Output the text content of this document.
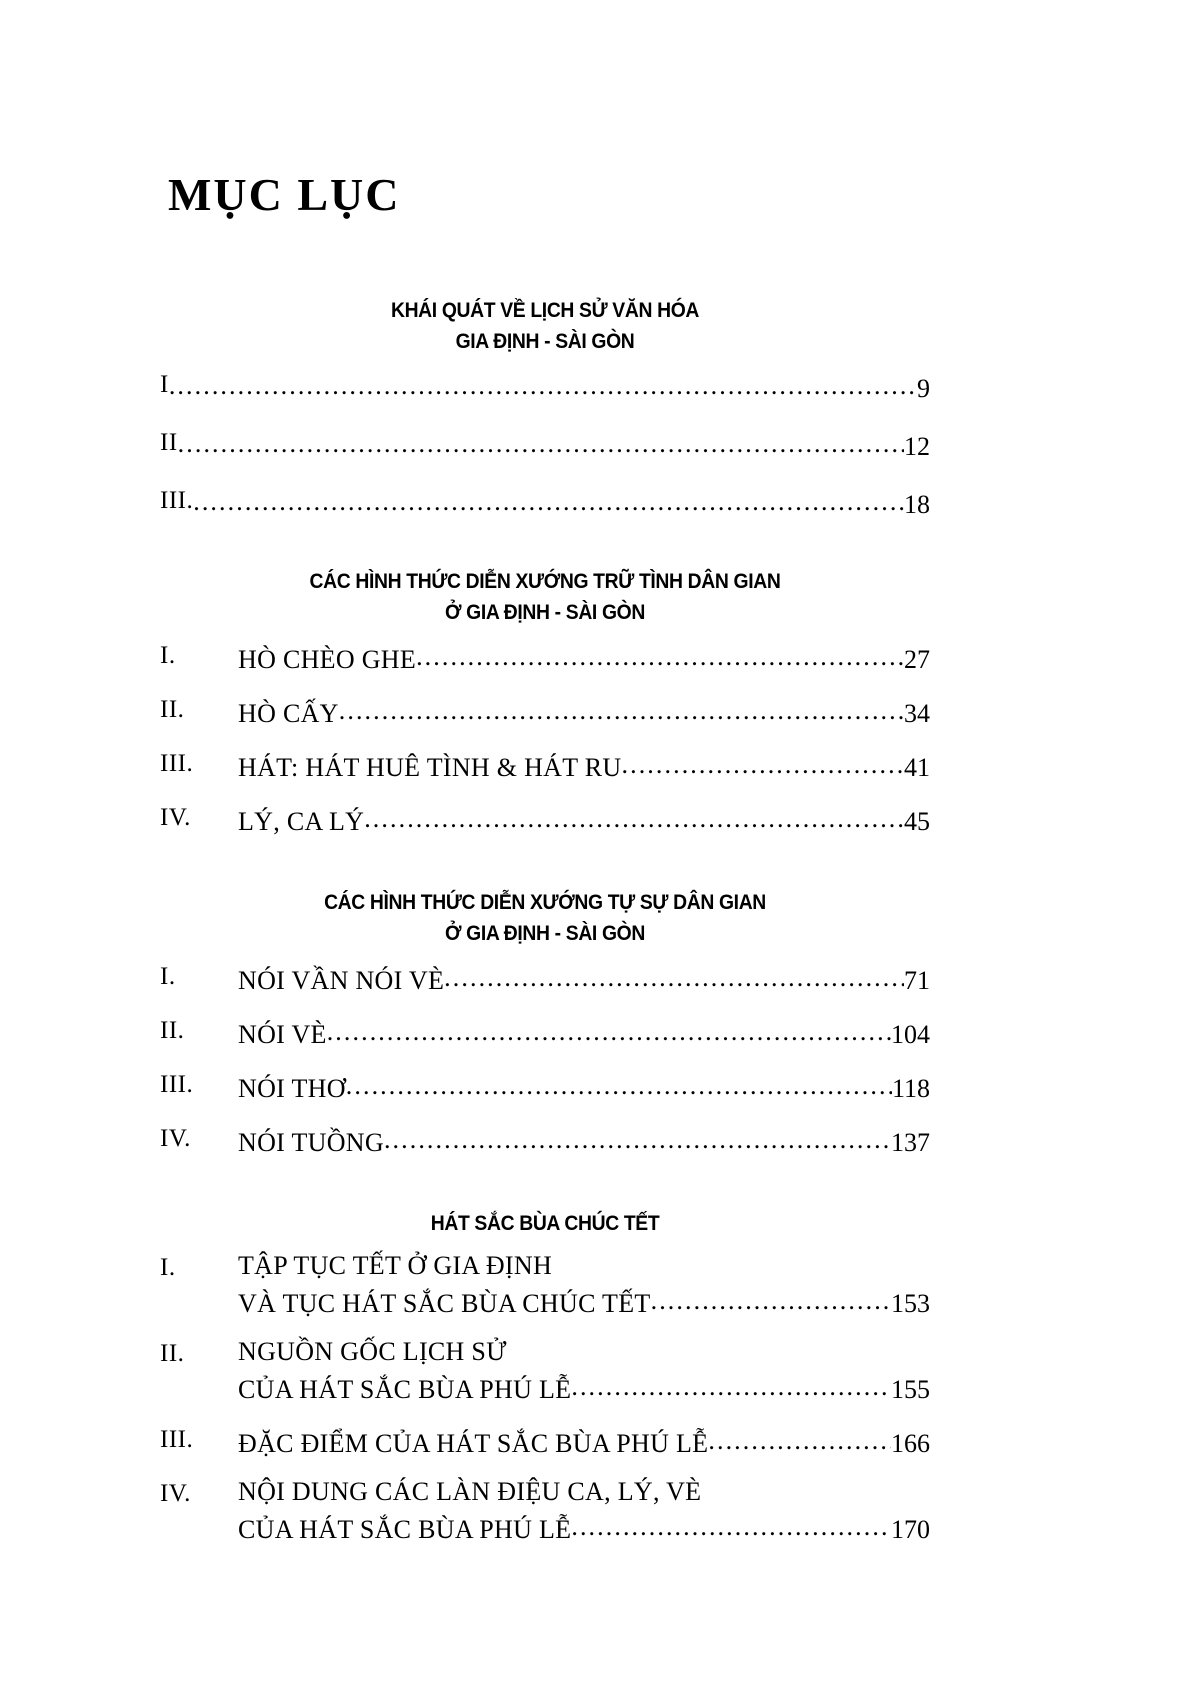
MỤC LỤC
KHÁI QUÁT VỀ LỊCH SỬ VĂN HÓA
GIA ĐỊNH - SÀI GÒN
I .....	9
II .....	12
III. .....	18
CÁC HÌNH THỨC DIỄN XƯỚNG TRỮ TÌNH DÂN GIAN
Ở GIA ĐỊNH - SÀI GÒN
I.	HÒ CHÈO GHE .....	27
II.	HÒ CẤY .....	34
III.	HÁT: HÁT HUÊ TÌNH & HÁT RU .....	41
IV.	LÝ, CA LÝ .....	45
CÁC HÌNH THỨC DIỄN XƯỚNG TỰ SỰ DÂN GIAN
Ở GIA ĐỊNH - SÀI GÒN
I.	NÓI VẦN NÓI VÈ .....	71
II.	NÓI VÈ .....	104
III.	NÓI THƠ .....	118
IV.	NÓI TUỒNG .....	137
HÁT SẮC BÙA CHÚC TẾT
I.	TẬP TỤC TẾT Ở GIA ĐỊNH
VÀ TỤC HÁT SẮC BÙA CHÚC TẾT .....	153
II.	NGUỒN GỐC LỊCH SỬ
CỦA HÁT SẮC BÙA PHÚ LỄ .....	155
III.	ĐẶC ĐIỂM CỦA HÁT SẮC BÙA PHÚ LỄ .....	166
IV.	NỘI DUNG CÁC LÀN ĐIỆU CA, LÝ, VÈ
CỦA HÁT SẮC BÙA PHÚ LỄ .....	170
